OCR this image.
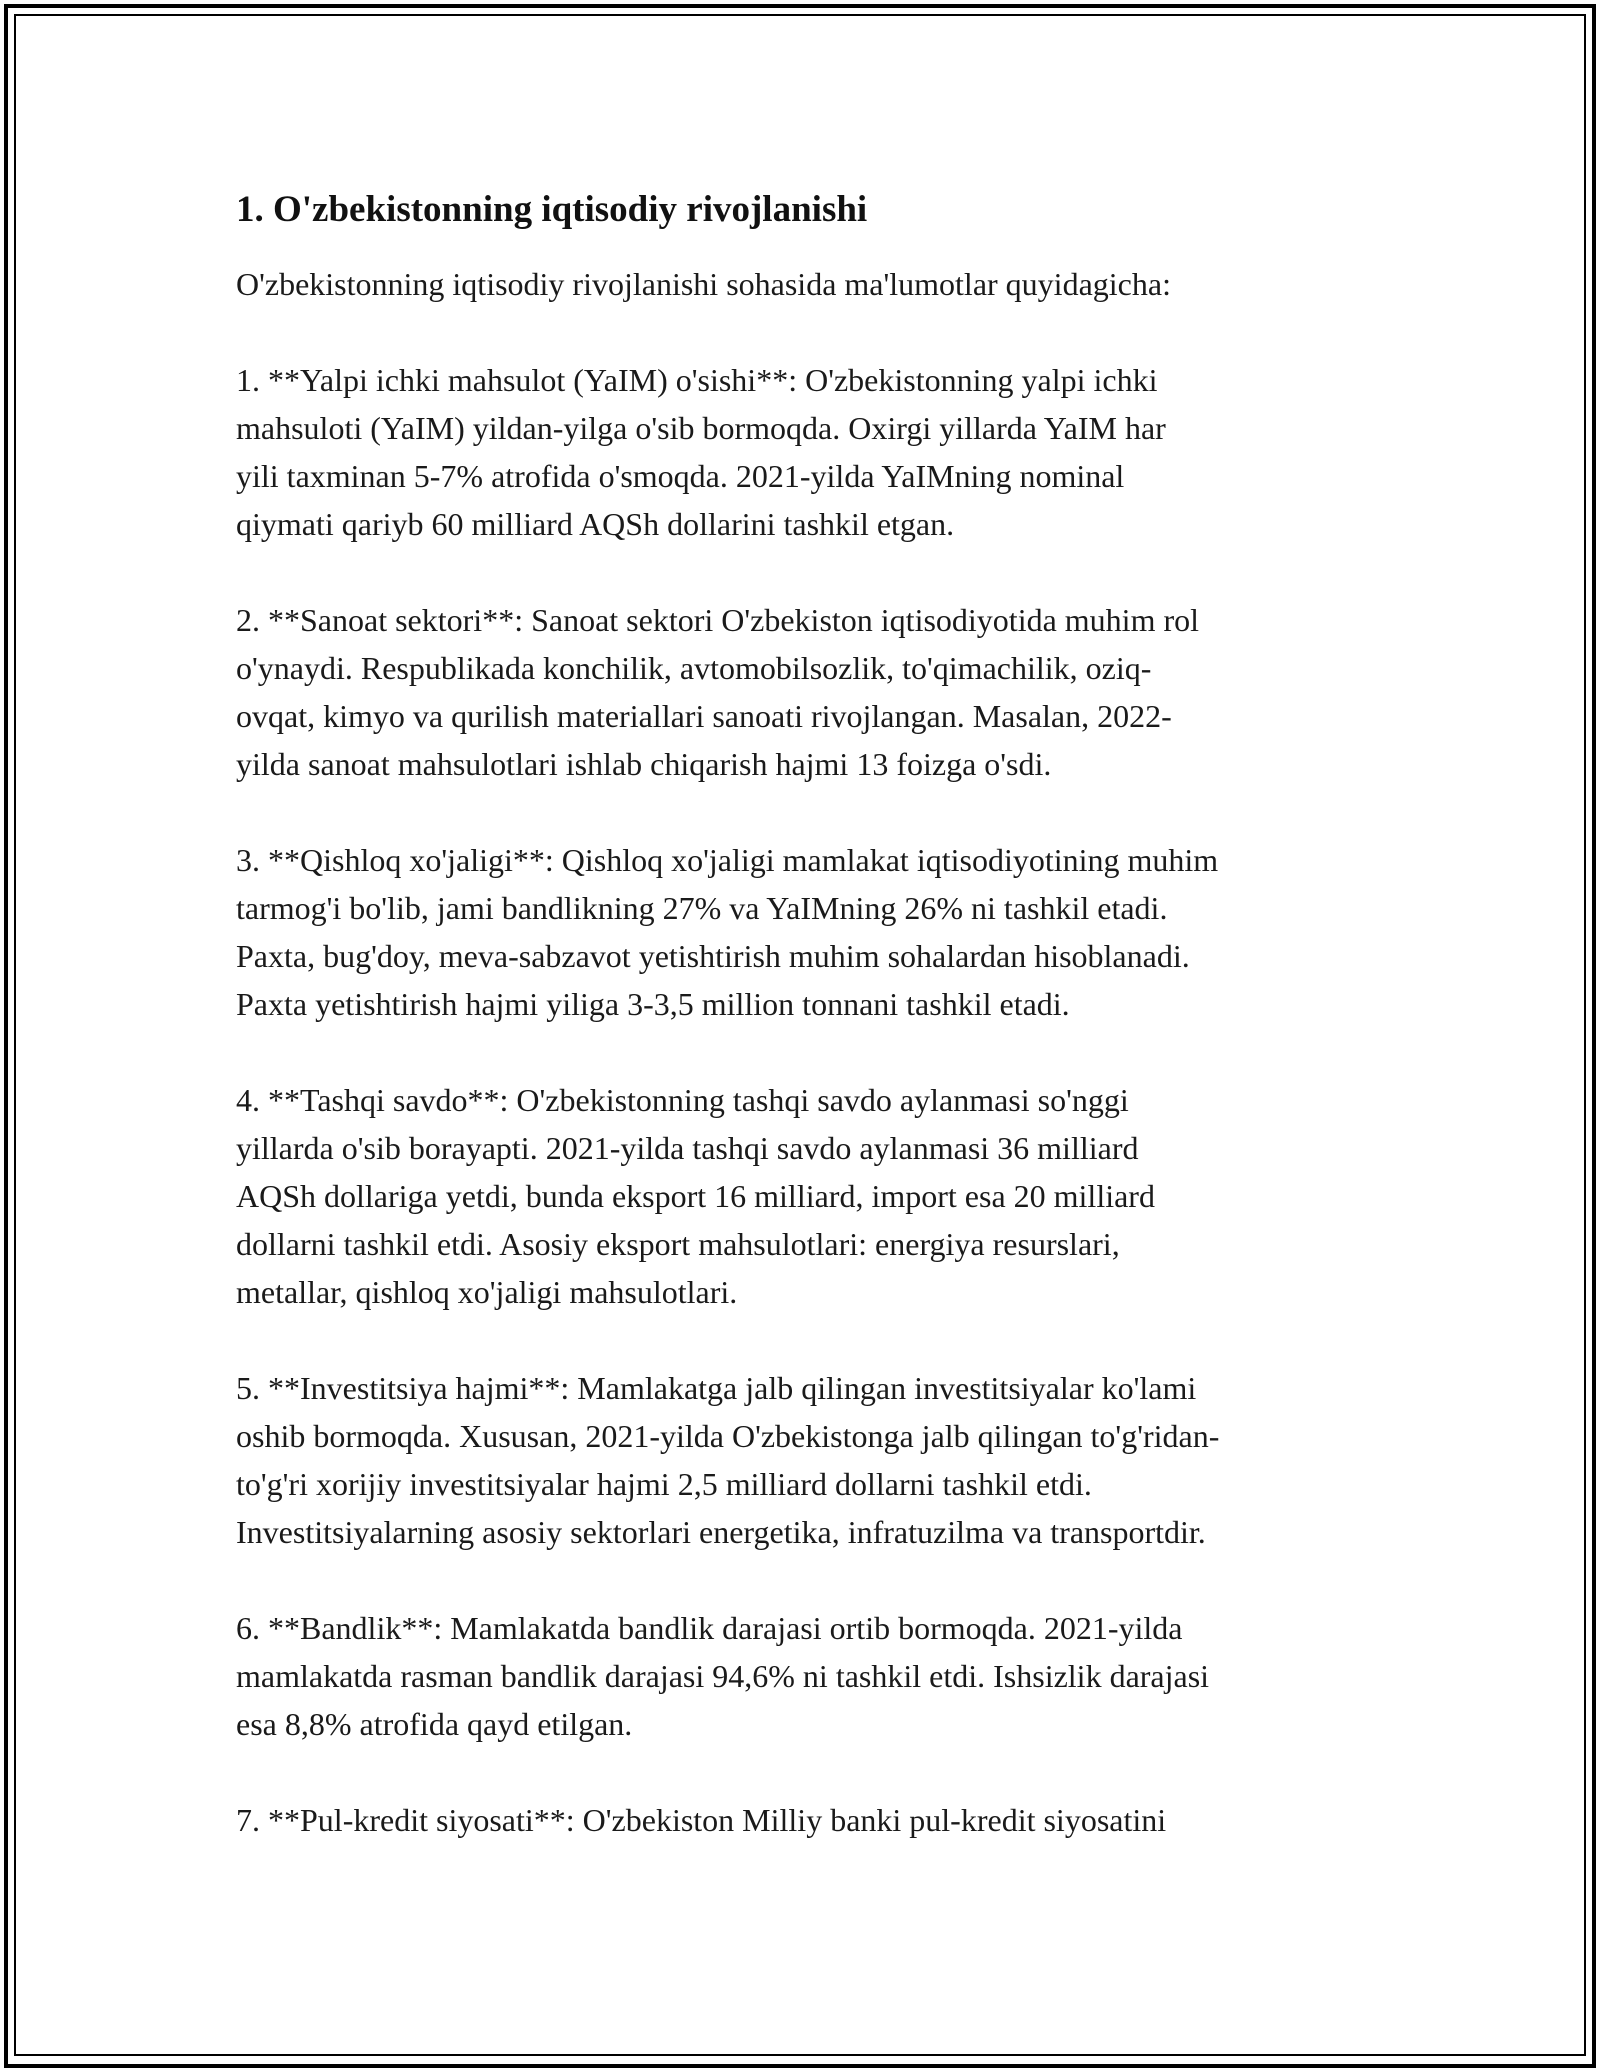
1. O'zbekistonning iqtisodiy rivojlanishi

O'zbekistonning iqtisodiy rivojlanishi sohasida ma'lumotlar quyidagicha:

1. **Yalpi ichki mahsulot (YaIM) o'sishi**: O'zbekistonning yalpi ichki
mahsuloti (YaIM) yildan-yilga o'sib bormoqda. Oxirgi yillarda YaIM har
yili taxminan 5-7% atrofida o'smoqda. 2021-yilda YaIMning nominal
qiymati qariyb 60 milliard AQSh dollarini tashkil etgan.

2. **Sanoat sektori**: Sanoat sektori O'zbekiston iqtisodiyotida muhim rol
o'ynaydi. Respublikada konchilik, avtomobilsozlik, to'qimachilik, oziq-
ovqat, kimyo va qurilish materiallari sanoati rivojlangan. Masalan, 2022-
yilda sanoat mahsulotlari ishlab chiqarish hajmi 13 foizga o'sdi.

3. **Qishloq xo'jaligi**: Qishloq xo'jaligi mamlakat iqtisodiyotining muhim
tarmog'i bo'lib, jami bandlikning 27% va YaIMning 26% ni tashkil etadi.
Paxta, bug'doy, meva-sabzavot yetishtirish muhim sohalardan hisoblanadi.
Paxta yetishtirish hajmi yiliga 3-3,5 million tonnani tashkil etadi.

4. **Tashqi savdo**: O'zbekistonning tashqi savdo aylanmasi so'nggi
yillarda o'sib borayapti. 2021-yilda tashqi savdo aylanmasi 36 milliard
AQSh dollariga yetdi, bunda eksport 16 milliard, import esa 20 milliard
dollarni tashkil etdi. Asosiy eksport mahsulotlari: energiya resurslari,
metallar, qishloq xo'jaligi mahsulotlari.

5. **Investitsiya hajmi**: Mamlakatga jalb qilingan investitsiyalar ko'lami
oshib bormoqda. Xususan, 2021-yilda O'zbekistonga jalb qilingan to'g'ridan-
to'g'ri xorijiy investitsiyalar hajmi 2,5 milliard dollarni tashkil etdi.
Investitsiyalarning asosiy sektorlari energetika, infratuzilma va transportdir.

6. **Bandlik**: Mamlakatda bandlik darajasi ortib bormoqda. 2021-yilda
mamlakatda rasman bandlik darajasi 94,6% ni tashkil etdi. Ishsizlik darajasi
esa 8,8% atrofida qayd etilgan.

7. **Pul-kredit siyosati**: O'zbekiston Milliy banki pul-kredit siyosatini
